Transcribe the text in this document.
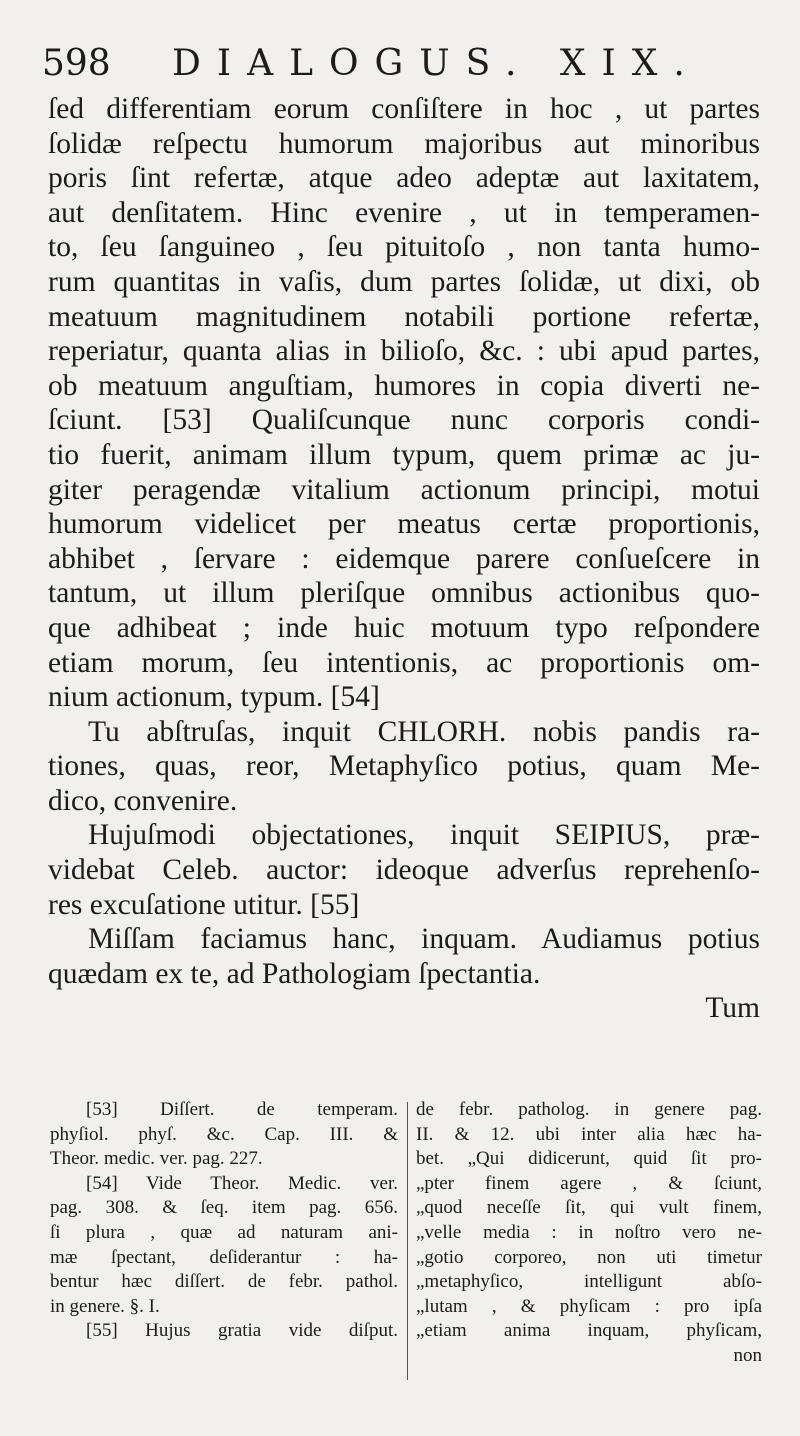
598 DIALOGUS. XIX.
ſed differentiam eorum conſiſtere in hoc , ut partes
ſolidæ reſpectu humorum majoribus aut minoribus
poris ſint refertæ, atque adeo adeptæ aut laxitatem,
aut denſitatem. Hinc evenire , ut in temperamen-
to, ſeu ſanguineo , ſeu pituitoſo , non tanta humo-
rum quantitas in vaſis, dum partes ſolidæ, ut dixi, ob
meatuum magnitudinem notabili portione refertæ,
reperiatur, quanta alias in bilioſo, &c. : ubi apud partes,
ob meatuum anguſtiam, humores in copia diverti ne-
ſciunt. [53] Qualiſcunque nunc corporis condi-
tio fuerit, animam illum typum, quem primæ ac ju-
giter peragendæ vitalium actionum principi, motui
humorum videlicet per meatus certæ proportionis,
abhibet , ſervare : eidemque parere conſueſcere in
tantum, ut illum pleriſque omnibus actionibus quo-
que adhibeat ; inde huic motuum typo reſpondere
etiam morum, ſeu intentionis, ac proportionis om-
nium actionum, typum. [54]
Tu abſtruſas, inquit CHLORH. nobis pandis ra-
tiones, quas, reor, Metaphyſico potius, quam Me-
dico, convenire.
Hujuſmodi objectationes, inquit SEIPIUS, præ-
videbat Celeb. auctor: ideoque adverſus reprehenſo-
res excuſatione utitur. [55]
Miſſam faciamus hanc, inquam. Audiamus potius
quædam ex te, ad Pathologiam ſpectantia.
Tum
[53] Diſſert. de temperam.
phyſiol. phyſ. &c. Cap. III. &
Theor. medic. ver. pag. 227.
[54] Vide Theor. Medic. ver.
pag. 308. & ſeq. item pag. 656.
ſi plura , quæ ad naturam ani-
mæ ſpectant, deſiderantur : ha-
bentur hæc diſſert. de febr. pathol.
in genere. §. I.
[55] Hujus gratia vide diſput.
de febr. patholog. in genere pag.
II. & 12. ubi inter alia hæc ha-
bet. „Qui didicerunt, quid ſit pro-
„pter finem agere , & ſciunt,
„quod neceſſe ſit, qui vult finem,
„velle media : in noſtro vero ne-
„gotio corporeo, non uti timetur
„metaphyſico, intelligunt abſo-
„lutam , & phyſicam : pro ipſa
„etiam anima inquam, phyſicam,
non
